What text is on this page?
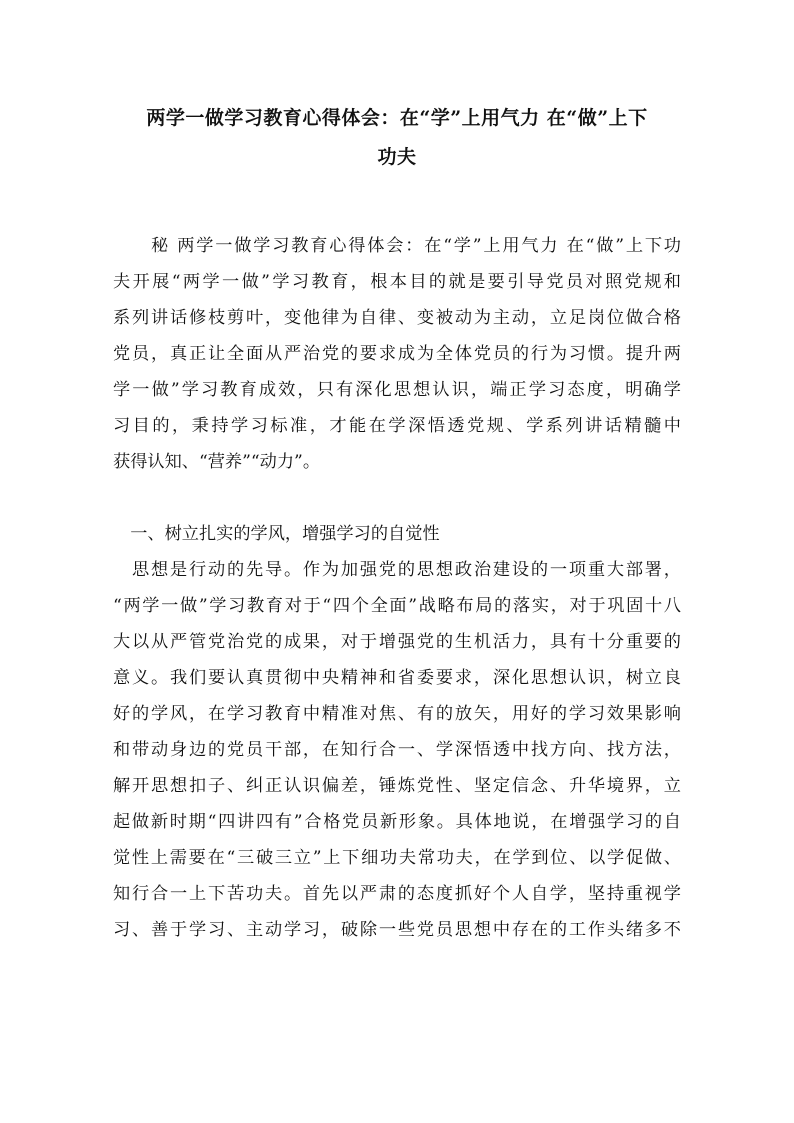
两学一做学习教育心得体会：在“学”上用气力 在“做”上下
功夫
　　秘 两学一做学习教育心得体会：在“学”上用气力 在“做”上下功
夫开展“两学一做”学习教育，根本目的就是要引导党员对照党规和
系列讲话修枝剪叶，变他律为自律、变被动为主动，立足岗位做合格
党员，真正让全面从严治党的要求成为全体党员的行为习惯。提升两
学一做”学习教育成效，只有深化思想认识，端正学习态度，明确学
习目的，秉持学习标准，才能在学深悟透党规、学系列讲话精髓中
获得认知、“营养”“动力”。
　一、树立扎实的学风，增强学习的自觉性
　思想是行动的先导。作为加强党的思想政治建设的一项重大部署，
“两学一做”学习教育对于“四个全面”战略布局的落实，对于巩固十八
大以从严管党治党的成果，对于增强党的生机活力，具有十分重要的
意义。我们要认真贯彻中央精神和省委要求，深化思想认识，树立良
好的学风，在学习教育中精准对焦、有的放矢，用好的学习效果影响
和带动身边的党员干部，在知行合一、学深悟透中找方向、找方法，
解开思想扣子、纠正认识偏差，锤炼党性、坚定信念、升华境界，立
起做新时期“四讲四有”合格党员新形象。具体地说，在增强学习的自
觉性上需要在“三破三立”上下细功夫常功夫，在学到位、以学促做、
知行合一上下苦功夫。首先以严肃的态度抓好个人自学，坚持重视学
习、善于学习、主动学习，破除一些党员思想中存在的工作头绪多不
